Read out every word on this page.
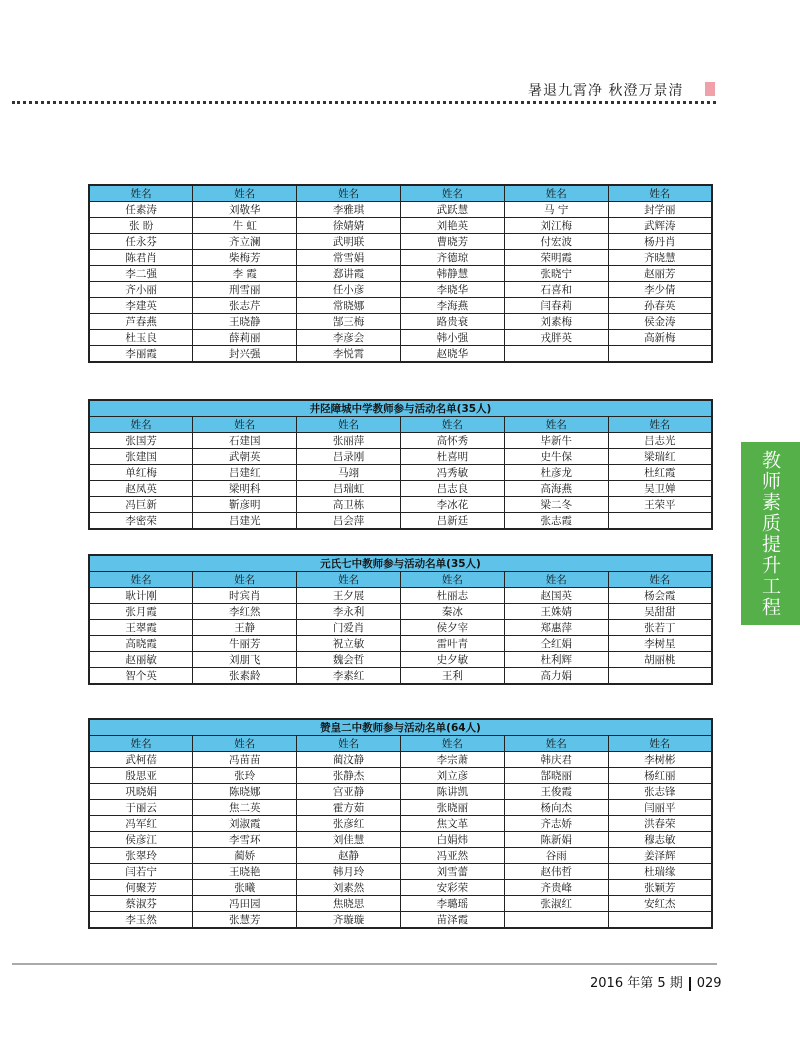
暑退九霄净 秋澄万景清
教师素质提升工程
姓名	姓名	姓名	姓名	姓名	姓名
任素涛	刘敬华	李雅琪	武跃慧	马 宁	封学丽
张 盼	牛 虹	徐婧婧	刘艳英	刘江梅	武辉涛
任永芬	齐立澜	武明联	曹晓芳	付宏波	杨丹肖
陈君肖	柴梅芳	常雪娟	齐德琼	荣明霞	齐晓慧
李二强	李 霞	郄讲霞	韩静慧	张晓宁	赵丽芳
齐小丽	刑雪丽	任小彦	李晓华	石喜和	李少倩
李建英	张志芹	常晓娜	李海燕	闫春莉	孙春英
芦春燕	王晓静	郜三梅	路贵衰	刘素梅	侯金涛
杜玉良	薛莉丽	李彦会	韩小强	戎胖英	高新梅
李丽霞	封兴强	李悦霄	赵晓华		
井陉障城中学教师参与活动名单(35人)					
姓名	姓名	姓名	姓名	姓名	姓名
张国芳	石建国	张丽萍	高怀秀	毕新牛	吕志光
张建国	武朝英	吕录刚	杜喜明	史牛保	梁瑞红
单红梅	吕建红	马翊	冯秀敏	杜彦龙	杜红霞
赵凤英	梁明科	吕瑞虹	吕志良	高海燕	吴卫婵
冯巨新	靳彦明	高卫栋	李冰花	梁二冬	王荣平
李密荣	吕建光	吕会萍	吕新廷	张志霞	
元氏七中教师参与活动名单(35人)					
姓名	姓名	姓名	姓名	姓名	姓名
耿计刚	时宾肖	王夕展	杜丽志	赵国英	杨会霞
张月霞	李红然	李永利	秦冰	王姝婧	吴甜甜
王翠霞	王静	门爱肖	侯夕宰	郑惠萍	张若丁
高晓霞	牛丽芳	祝立敏	雷叶青	仝红娟	李树星
赵丽敏	刘朋飞	魏会哲	史夕敏	杜利辉	胡丽桃
智个英	张素龄	李素红	王利	高力娟	
赞皇二中教师参与活动名单(64人)					
姓名	姓名	姓名	姓名	姓名	姓名
武柯蓓	冯苗苗	蔺汶静	李宗萧	韩庆君	李树彬
殷思亚	张玲	张静杰	刘立彦	郜晓丽	杨红丽
巩晓娟	陈晓娜	宫亚静	陈讲凯	王俊霞	张志锋
于丽云	焦二英	霍方茹	张晓丽	杨向杰	闫丽平
冯军红	刘淑霞	张彦红	焦文革	齐志娇	洪春荣
侯彦江	李雪环	刘佳慧	白娟炜	陈新娟	穆志敏
张翠玲	蔺娇	赵静	冯亚然	谷雨	姜泽辉
闫若宁	王晓艳	韩月玲	刘雪蕾	赵伟哲	杜瑞缘
何聚芳	张曦	刘素然	安彩荣	齐贵峰	张颖芳
蔡淑芬	冯田园	焦晓思	李璐瑶	张淑红	安红杰
李玉然	张慧芳	齐璇璇	苗泽霞		
2016 年第 5 期 029
